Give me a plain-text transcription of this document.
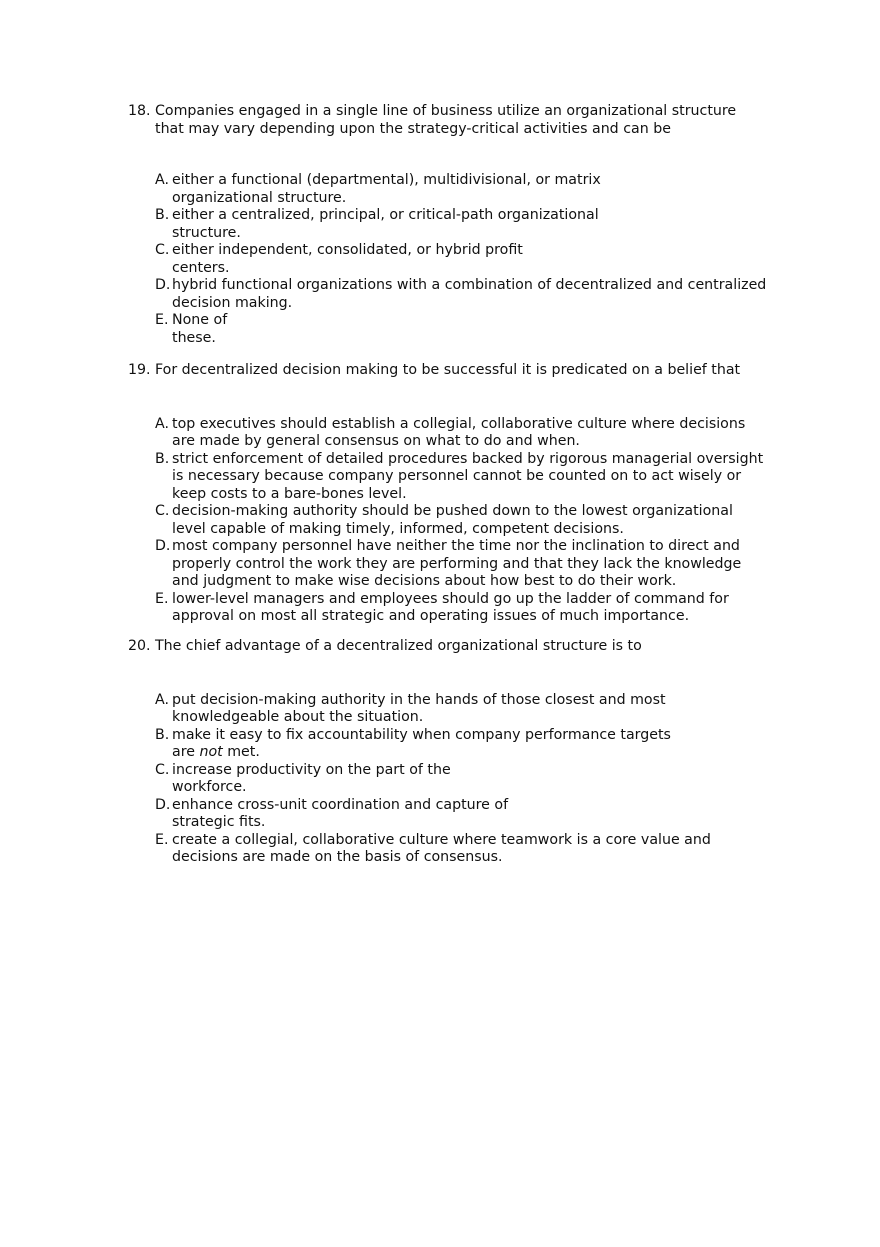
18. Companies engaged in a single line of business utilize an organizational structure
that may vary depending upon the strategy-critical activities and can be
A. either a functional (departmental), multidivisional, or matrix
organizational structure.
B. either a centralized, principal, or critical-path organizational
structure.
C. either independent, consolidated, or hybrid profit
centers.
D. hybrid functional organizations with a combination of decentralized and centralized
decision making.
E. None of
these.
19. For decentralized decision making to be successful it is predicated on a belief that
A. top executives should establish a collegial, collaborative culture where decisions
are made by general consensus on what to do and when.
B. strict enforcement of detailed procedures backed by rigorous managerial oversight
is necessary because company personnel cannot be counted on to act wisely or
keep costs to a bare-bones level.
C. decision-making authority should be pushed down to the lowest organizational
level capable of making timely, informed, competent decisions.
D. most company personnel have neither the time nor the inclination to direct and
properly control the work they are performing and that they lack the knowledge
and judgment to make wise decisions about how best to do their work.
E. lower-level managers and employees should go up the ladder of command for
approval on most all strategic and operating issues of much importance.
20. The chief advantage of a decentralized organizational structure is to
A. put decision-making authority in the hands of those closest and most
knowledgeable about the situation.
B. make it easy to fix accountability when company performance targets
are not met.
C. increase productivity on the part of the
workforce.
D. enhance cross-unit coordination and capture of
strategic fits.
E. create a collegial, collaborative culture where teamwork is a core value and
decisions are made on the basis of consensus.
